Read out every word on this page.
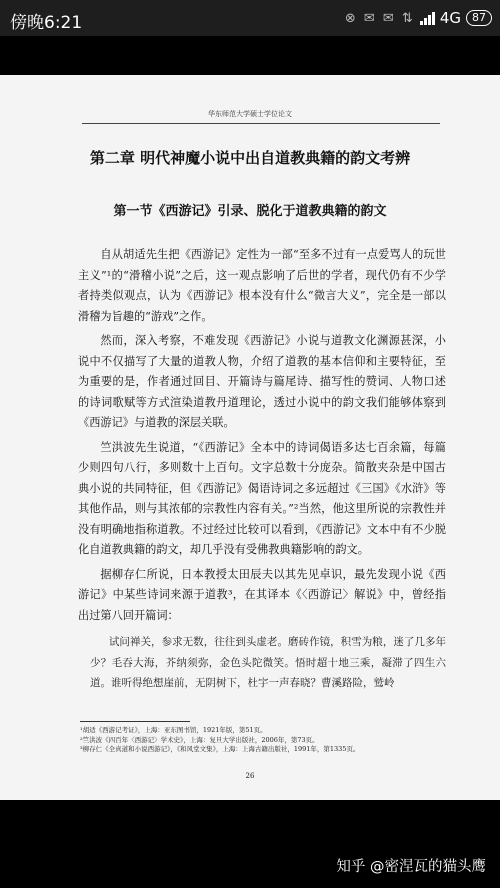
傍晚6:21	⊗ ✉ ✉ ⇅ 4G	87
华东师范大学硕士学位论文
第二章 明代神魔小说中出自道教典籍的韵文考辨
第一节《西游记》引录、脱化于道教典籍的韵文

自从胡适先生把《西游记》定性为一部“至多不过有一点爱骂人的玩世主义”¹的“滑稽小说”之后，这一观点影响了后世的学者，现代仍有不少学者持类似观点，认为《西游记》根本没有什么“微言大义”，完全是一部以滑稽为旨趣的“游戏”之作。

然而，深入考察，不难发现《西游记》小说与道教文化渊源甚深，小说中不仅描写了大量的道教人物，介绍了道教的基本信仰和主要特征，至为重要的是，作者通过回目、开篇诗与篇尾诗、描写性的赞词、人物口述的诗词歌赋等方式渲染道教丹道理论，透过小说中的韵文我们能够体察到《西游记》与道教的深层关联。

竺洪波先生说道，“《西游记》全本中的诗词偈语多达七百余篇，每篇少则四句八行，多则数十上百句。文字总数十分庞杂。简散夹杂是中国古典小说的共同特征，但《西游记》偈语诗词之多远超过《三国》《水浒》等其他作品，则与其浓郁的宗教性内容有关。”²当然，他这里所说的宗教性并没有明确地指称道教。不过经过比较可以看到，《西游记》文本中有不少脱化自道教典籍的韵文，却几乎没有受佛教典籍影响的韵文。

据柳存仁所说，日本教授太田辰夫以其先见卓识，最先发现小说《西游记》中某些诗词来源于道教³，在其译本《〈西游记〉解说》中，曾经指出过第八回开篇词：

试问禅关，参求无数，往往到头虚老。磨砖作镜，积雪为粮，迷了几多年少？毛吞大海，芥纳须弥，金色头陀微笑。悟时超十地三乘，凝滞了四生六道。谁听得绝想崖前，无阴树下，杜宇一声春晓？曹溪路险，鹫岭

¹胡适《西游记考证》，上海：亚东图书馆，1921年版，第51页。
²竺洪波《四百年〈西游记〉学术史》，上海：复旦大学出版社，2006年，第73页。
³柳存仁《全真道和小说西游记》，《和风堂文集》，上海：上海古籍出版社，1991年，第1335页。
26
知乎 @密涅瓦的猫头鹰
